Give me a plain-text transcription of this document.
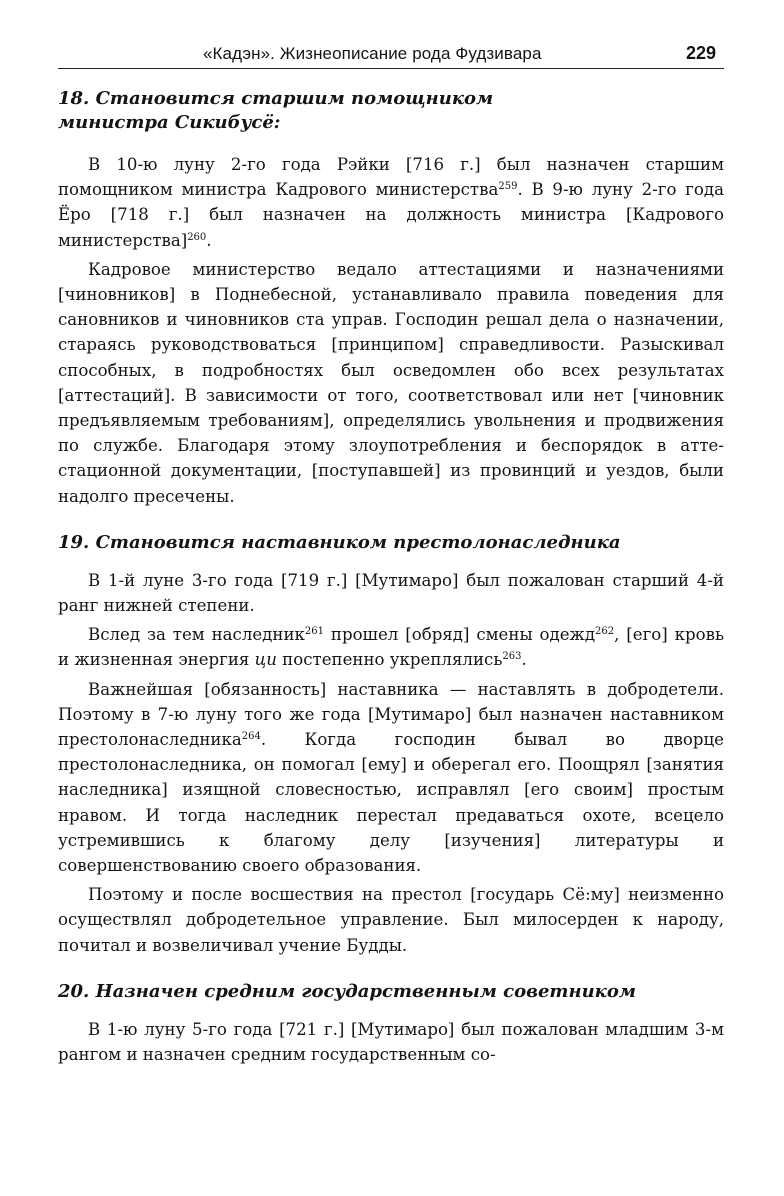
«Кадэн». Жизнеописание рода Фудзивара	229
18. Становится старшим помощником
министра Сикибусё:

В 10-ю луну 2-го года Рэйки [716 г.] был назначен старшим помощником министра Кадрового министерства$^{259}$. В 9-ю луну 2-го года Ёро [718 г.] был назначен на должность министра [Кадрового министерства]$^{260}$.

Кадровое министерство ведало аттестациями и назначениями [чиновников] в Поднебесной, устанавливало правила поведения для сановников и чиновников ста управ. Господин решал дела о назначении, стараясь руководствоваться [принципом] справедливости. Разыскивал способных, в подробностях был осведомлен обо всех результатах [аттестаций]. В зависимости от того, соответствовал или нет [чиновник предъявляемым требованиям], определялись увольнения и продвижения по службе. Благодаря этому злоупотребления и беспорядок в аттестационной документации, [поступавшей] из провинций и уездов, были надолго пресечены.

19. Становится наставником престолонаследника

В 1-й луне 3-го года [719 г.] [Мутимаро] был пожалован старший 4-й ранг нижней степени.

Вслед за тем наследник$^{261}$ прошел [обряд] смены одежд$^{262}$, [его] кровь и жизненная энергия ци постепенно укреплялись$^{263}$.

Важнейшая [обязанность] наставника — наставлять в добродетели. Поэтому в 7-ю луну того же года [Мутимаро] был назначен наставником престолонаследника$^{264}$. Когда господин бывал во дворце престолонаследника, он помогал [ему] и оберегал его. Поощрял [занятия наследника] изящной словесностью, исправлял [его своим] простым нравом. И тогда наследник перестал предаваться охоте, всецело устремившись к благому делу [изучения] литературы и совершенствованию своего образования.

Поэтому и после восшествия на престол [государь Сё:му] неизменно осуществлял добродетельное управление. Был милосерден к народу, почитал и возвеличивал учение Будды.

20. Назначен средним государственным советником

В 1-ю луну 5-го года [721 г.] [Мутимаро] был пожалован младшим 3-м рангом и назначен средним государственным со-
